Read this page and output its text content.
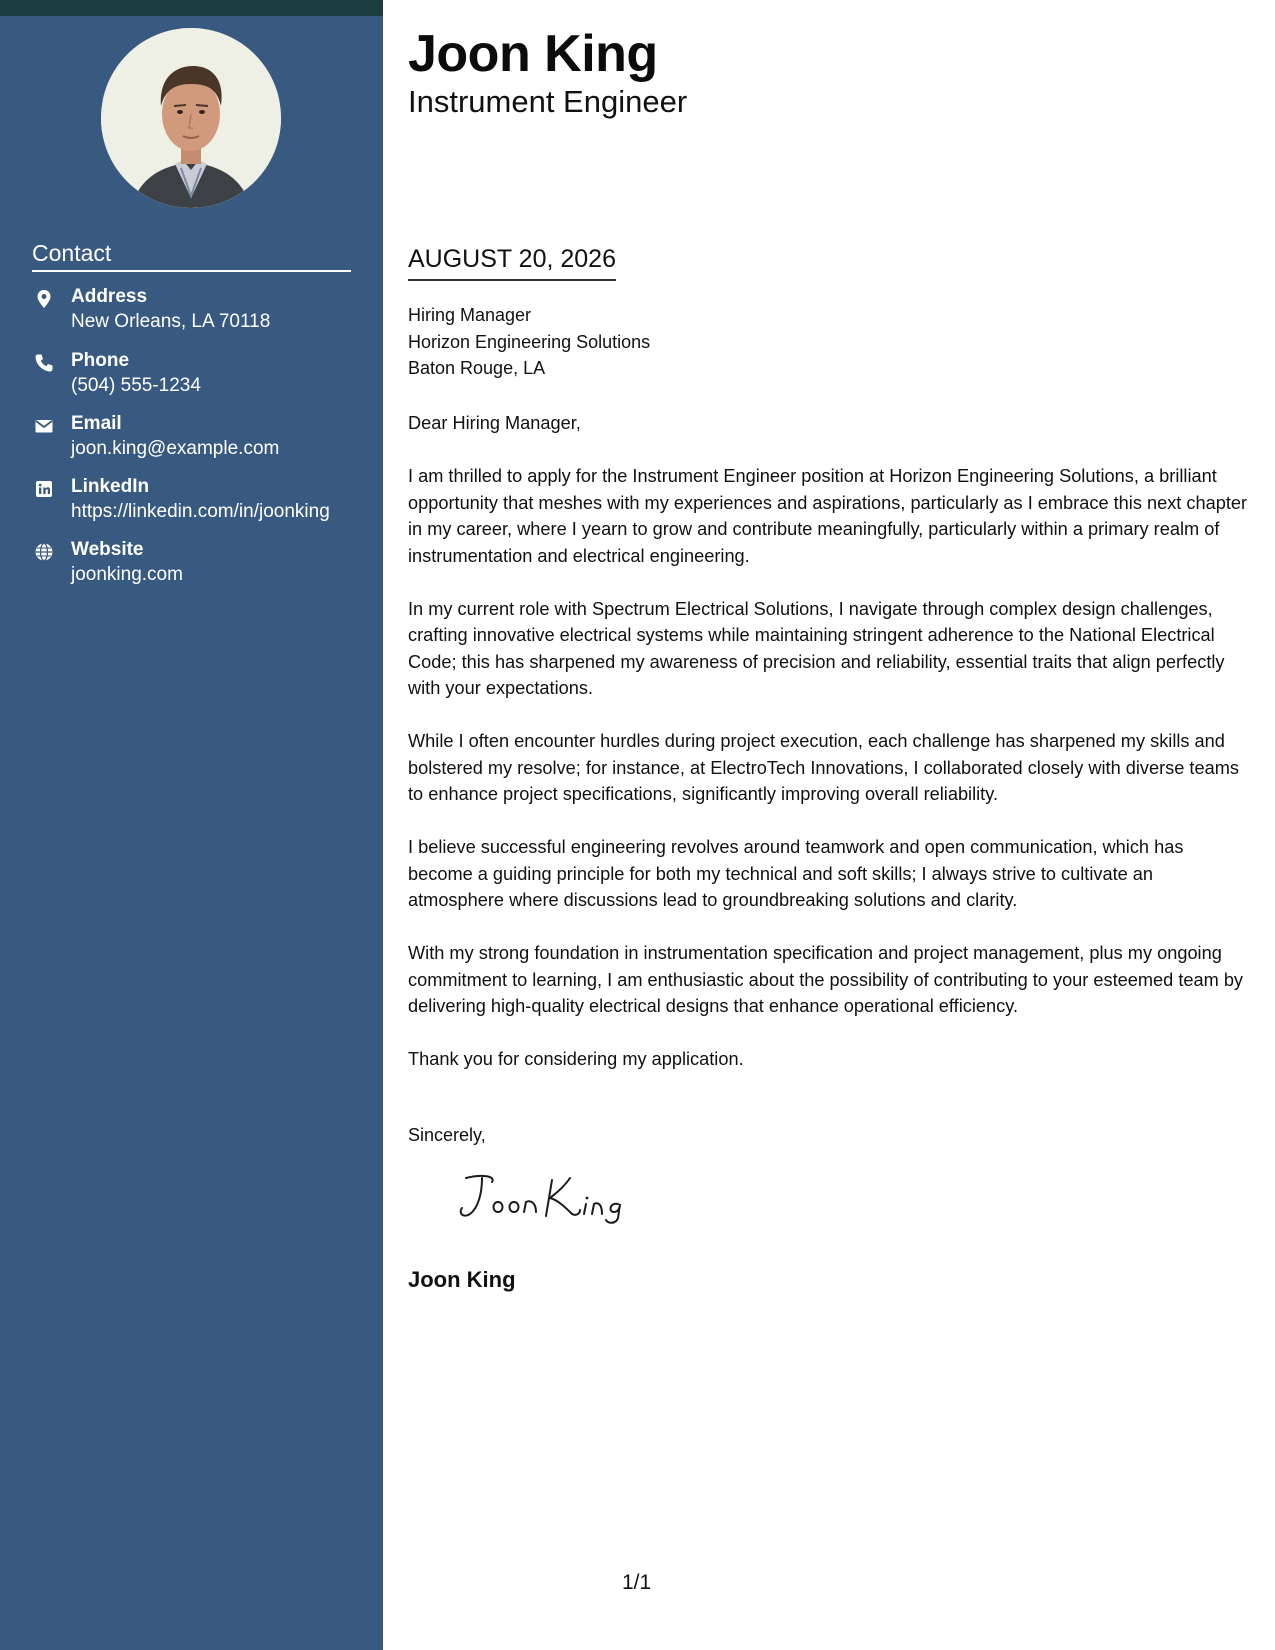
Contact
Address
New Orleans, LA 70118
Phone
(504) 555-1234
Email
joon.king@example.com
LinkedIn
https://linkedin.com/in/joonking
Website
joonking.com
Joon King
Instrument Engineer
AUGUST 20, 2026
Hiring Manager
Horizon Engineering Solutions
Baton Rouge, LA

Dear Hiring Manager,

I am thrilled to apply for the Instrument Engineer position at Horizon Engineering Solutions, a brilliant opportunity that meshes with my experiences and aspirations, particularly as I embrace this next chapter in my career, where I yearn to grow and contribute meaningfully, particularly within a primary realm of instrumentation and electrical engineering.

In my current role with Spectrum Electrical Solutions, I navigate through complex design challenges, crafting innovative electrical systems while maintaining stringent adherence to the National Electrical Code; this has sharpened my awareness of precision and reliability, essential traits that align perfectly with your expectations.

While I often encounter hurdles during project execution, each challenge has sharpened my skills and bolstered my resolve; for instance, at ElectroTech Innovations, I collaborated closely with diverse teams to enhance project specifications, significantly improving overall reliability.

I believe successful engineering revolves around teamwork and open communication, which has become a guiding principle for both my technical and soft skills; I always strive to cultivate an atmosphere where discussions lead to groundbreaking solutions and clarity.

With my strong foundation in instrumentation specification and project management, plus my ongoing commitment to learning, I am enthusiastic about the possibility of contributing to your esteemed team by delivering high-quality electrical designs that enhance operational efficiency.

Thank you for considering my application.

Sincerely,
Joon King
1/1
